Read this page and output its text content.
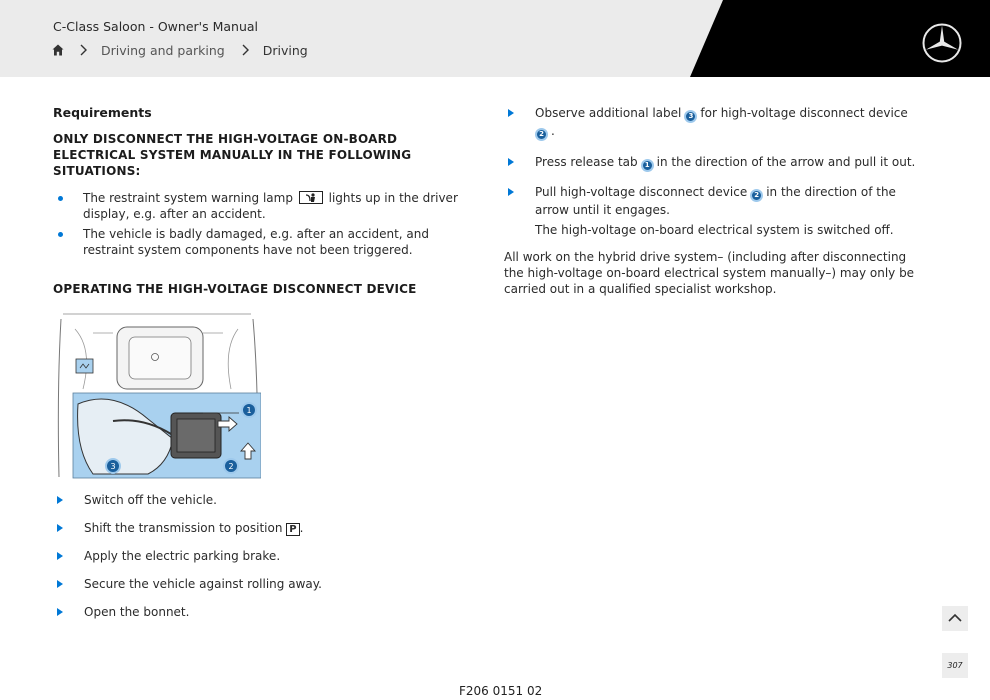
C-Class Saloon - Owner's Manual
Driving and parking	Driving
Requirements
ONLY DISCONNECT THE HIGH-VOLTAGE ON-BOARD ELECTRICAL SYSTEM MANUALLY IN THE FOLLOWING SITUATIONS:
The restraint system warning lamp	lights up in the driver display, e.g. after an accident.
The vehicle is badly damaged, e.g. after an accident, and restraint system components have not been triggered.
OPERATING THE HIGH-VOLTAGE DISCONNECT DEVICE
1
2
3
Switch off the vehicle.
Shift the transmission to position P .
Apply the electric parking brake.
Secure the vehicle against rolling away.
Open the bonnet.
Observe additional label 3 for high-voltage disconnect device
2 .
Press release tab 1 in the direction of the arrow and pull it out.
Pull high-voltage disconnect device 2 in the direction of the arrow until it engages.
The high-voltage on-board electrical system is switched off.
All work on the hybrid drive system– (including after disconnecting the high-voltage on-board electrical system manually–) may only be carried out in a qualified specialist workshop.
307
F206 0151 02
